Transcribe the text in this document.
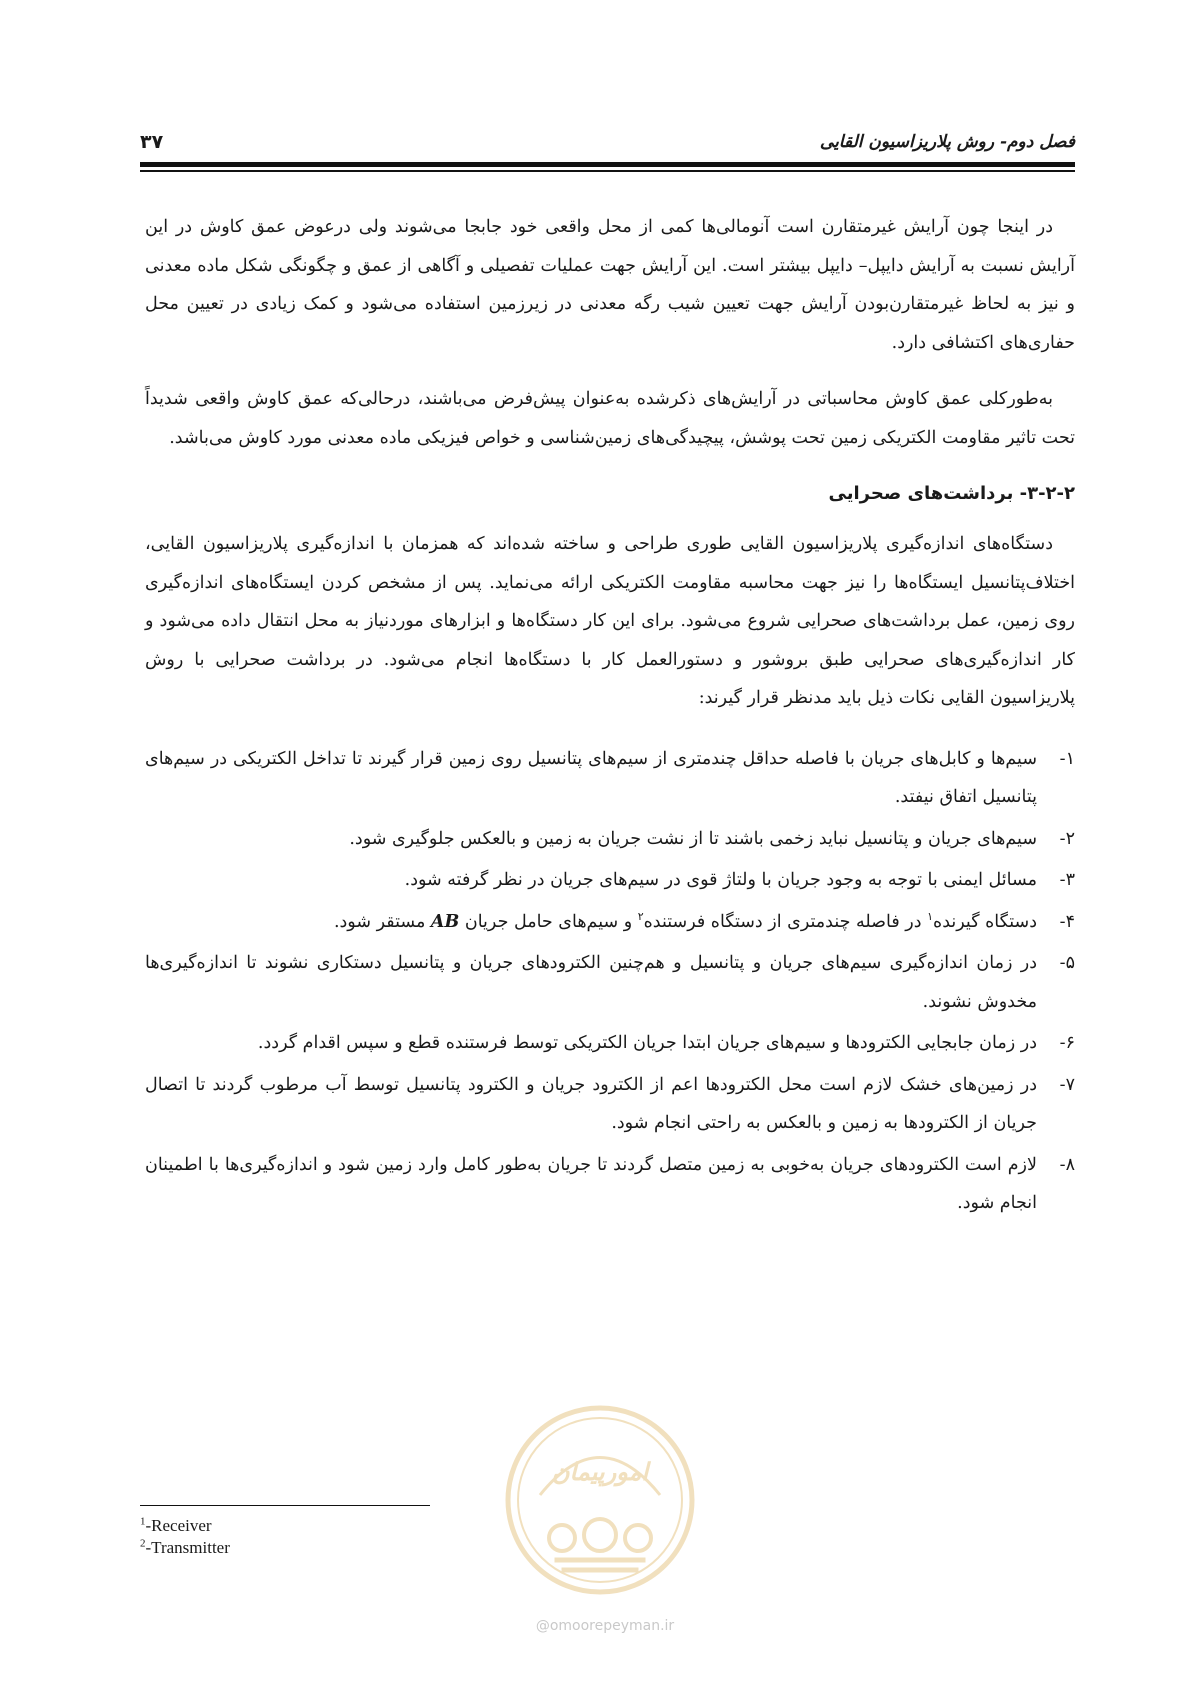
فصل دوم- روش پلاریزاسیون القایی
۳۷

در اینجا چون آرایش غیرمتقارن است آنومالی‌ها کمی از محل واقعی خود جابجا می‌شوند ولی درعوض عمق کاوش در این آرایش نسبت به آرایش دایپل– دایپل بیشتر است. این آرایش جهت عملیات تفصیلی و آگاهی از عمق و چگونگی شکل ماده معدنی و نیز به لحاظ غیرمتقارن‌بودن آرایش جهت تعیین شیب رگه معدنی در زیرزمین استفاده می‌شود و کمک زیادی در تعیین محل حفاری‌های اکتشافی دارد.

به‌طورکلی عمق کاوش محاسباتی در آرایش‌های ذکرشده به‌عنوان پیش‌فرض می‌باشند، درحالی‌که عمق کاوش واقعی شدیداً تحت تاثیر مقاومت الکتریکی زمین تحت پوشش، پیچیدگی‌های زمین‌شناسی و خواص فیزیکی ماده معدنی مورد کاوش می‌باشد.

۳-۲-۲- برداشت‌های صحرایی

دستگاه‌های اندازه‌گیری پلاریزاسیون القایی طوری طراحی و ساخته شده‌اند که همزمان با اندازه‌گیری پلاریزاسیون القایی، اختلاف‌پتانسیل ایستگاه‌ها را نیز جهت محاسبه مقاومت الکتریکی ارائه می‌نماید. پس از مشخص کردن ایستگاه‌های اندازه‌گیری روی زمین، عمل برداشت‌های صحرایی شروع می‌شود. برای این کار دستگاه‌ها و ابزارهای موردنیاز به محل انتقال داده می‌شود و کار اندازه‌گیری‌های صحرایی طبق بروشور و دستورالعمل کار با دستگاه‌ها انجام می‌شود. در برداشت صحرایی با روش پلاریزاسیون القایی نکات ذیل باید مدنظر قرار گیرند:

۱-
سیم‌ها و کابل‌های جریان با فاصله حداقل چندمتری از سیم‌های پتانسیل روی زمین قرار گیرند تا تداخل الکتریکی در سیم‌های پتانسیل اتفاق نیفتد.
۲-
سیم‌های جریان و پتانسیل نباید زخمی باشند تا از نشت جریان به زمین و بالعکس جلوگیری شود.
۳-
مسائل ایمنی با توجه به وجود جریان با ولتاژ قوی در سیم‌های جریان در نظر گرفته شود.
۴-
دستگاه گیرنده$^۱$ در فاصله چندمتری از دستگاه فرستنده$^۲$ و سیم‌های حامل جریان AB مستقر شود.
۵-
در زمان اندازه‌گیری سیم‌های جریان و پتانسیل و هم‌چنین الکترودهای جریان و پتانسیل دستکاری نشوند تا اندازه‌گیری‌ها مخدوش نشوند.
۶-
در زمان جابجایی الکترودها و سیم‌های جریان ابتدا جریان الکتریکی توسط فرستنده قطع و سپس اقدام گردد.
۷-
در زمین‌های خشک لازم است محل الکترودها اعم از الکترود جریان و الکترود پتانسیل توسط آب مرطوب گردند تا اتصال جریان از الکترودها به زمین و بالعکس به راحتی انجام شود.
۸-
لازم است الکترودهای جریان به‌خوبی به زمین متصل گردند تا جریان به‌طور کامل وارد زمین شود و اندازه‌گیری‌ها با اطمینان انجام شود.
امورپیمان
@omoorepeyman.ir
$^1$-Receiver
$^2$-Transmitter
